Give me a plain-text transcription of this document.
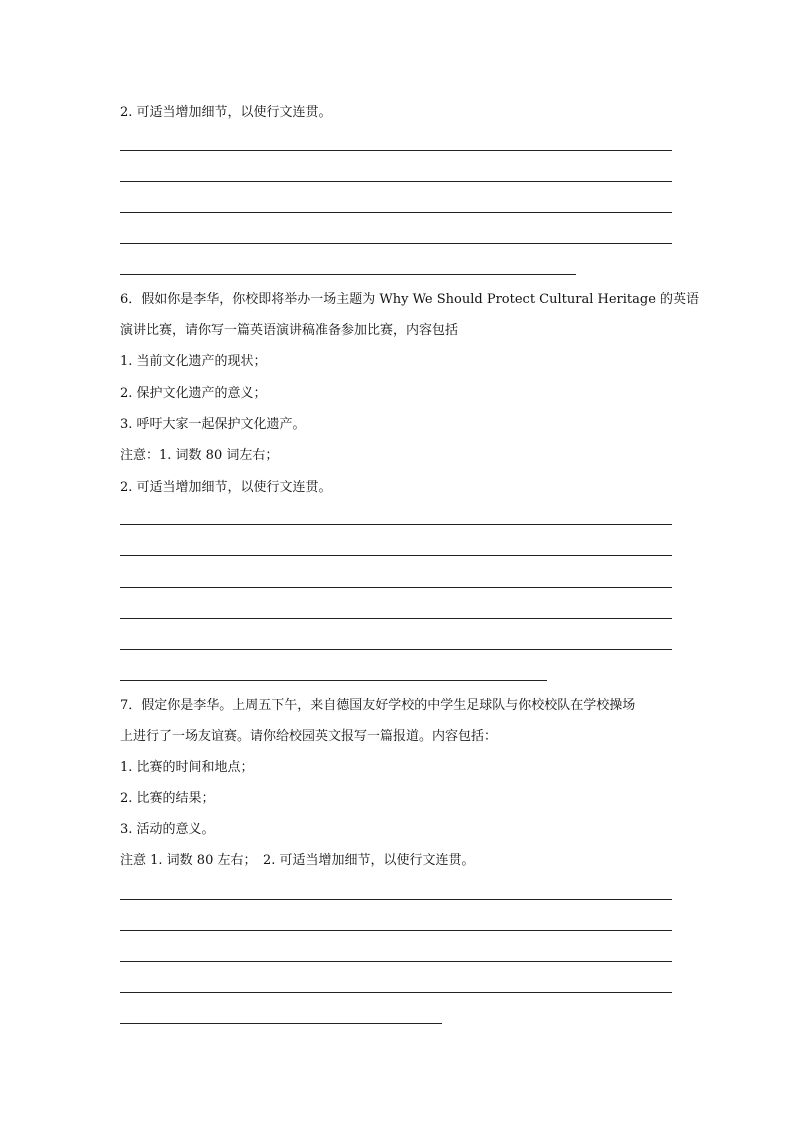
2. 可适当增加细节，以使行文连贯。
6．假如你是李华，你校即将举办一场主题为 Why We Should Protect Cultural Heritage 的英语
演讲比赛，请你写一篇英语演讲稿准备参加比赛，内容包括
1. 当前文化遗产的现状；
2. 保护文化遗产的意义；
3. 呼吁大家一起保护文化遗产。
注意：1. 词数 80 词左右；
2. 可适当增加细节，以使行文连贯。
7．假定你是李华。上周五下午，来自德国友好学校的中学生足球队与你校校队在学校操场
上进行了一场友谊赛。请你给校园英文报写一篇报道。内容包括：
1. 比赛的时间和地点；
2. 比赛的结果；
3. 活动的意义。
注意 1. 词数 80 左右；　2. 可适当增加细节，以使行文连贯。
